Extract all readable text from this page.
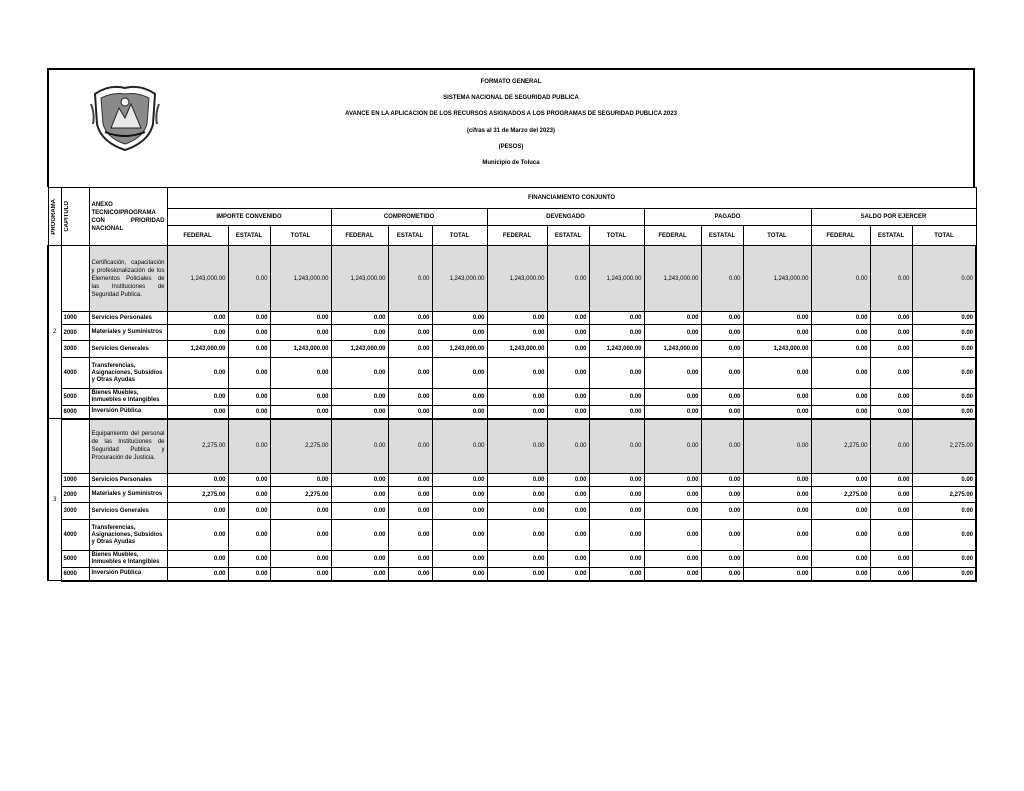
FORMATO GENERAL
SISTEMA NACIONAL DE SEGURIDAD PUBLICA
AVANCE EN LA APLICACION DE LOS RECURSOS ASIGNADOS A LOS PROGRAMAS DE SEGURIDAD PUBLICA 2023
(cifras al 31 de Marzo del 2023)
(PESOS)
Municipio de Toluca
PROGRAMA	CAPITULO	ANEXO TECNICO/PROGRAMA CON PRIORIDAD NACIONAL	FINANCIAMIENTO CONJUNTO														
			IMPORTE CONVENIDO			COMPROMETIDO			DEVENGADO			PAGADO			SALDO POR EJERCER		
			FEDERAL	ESTATAL	TOTAL	FEDERAL	ESTATAL	TOTAL	FEDERAL	ESTATAL	TOTAL	FEDERAL	ESTATAL	TOTAL	FEDERAL	ESTATAL	TOTAL
2		Certificación, capacitación y profesionalización de los Elementos Policiales de las Instituciones de Seguridad Publica.	1,243,000.00	0.00	1,243,000.00	1,243,000.00	0.00	1,243,000.00	1,243,000.00	0.00	1,243,000.00	1,243,000.00	0.00	1,243,000.00	0.00	0.00	0.00
	1000	Servicios Personales	0.00	0.00	0.00	0.00	0.00	0.00	0.00	0.00	0.00	0.00	0.00	0.00	0.00	0.00	0.00
	2000	Materiales y Suministros	0.00	0.00	0.00	0.00	0.00	0.00	0.00	0.00	0.00	0.00	0.00	0.00	0.00	0.00	0.00
	3000	Servicios Generales	1,243,000.00	0.00	1,243,000.00	1,243,000.00	0.00	1,243,000.00	1,243,000.00	0.00	1,243,000.00	1,243,000.00	0.00	1,243,000.00	0.00	0.00	0.00
	4000	Transferencias, Asignaciones, Subsidios y Otras Ayudas	0.00	0.00	0.00	0.00	0.00	0.00	0.00	0.00	0.00	0.00	0.00	0.00	0.00	0.00	0.00
	5000	Bienes Muebles, Inmuebles e Intangibles	0.00	0.00	0.00	0.00	0.00	0.00	0.00	0.00	0.00	0.00	0.00	0.00	0.00	0.00	0.00
	6000	Inversión Pública	0.00	0.00	0.00	0.00	0.00	0.00	0.00	0.00	0.00	0.00	0.00	0.00	0.00	0.00	0.00
3		Equipamiento del personal de las Instituciones de Seguridad Publica y Procuración de Justicia.	2,275.00	0.00	2,275.00	0.00	0.00	0.00	0.00	0.00	0.00	0.00	0.00	0.00	2,275.00	0.00	2,275.00
	1000	Servicios Personales	0.00	0.00	0.00	0.00	0.00	0.00	0.00	0.00	0.00	0.00	0.00	0.00	0.00	0.00	0.00
	2000	Materiales y Suministros	2,275.00	0.00	2,275.00	0.00	0.00	0.00	0.00	0.00	0.00	0.00	0.00	0.00	2,275.00	0.00	2,275.00
	3000	Servicios Generales	0.00	0.00	0.00	0.00	0.00	0.00	0.00	0.00	0.00	0.00	0.00	0.00	0.00	0.00	0.00
	4000	Transferencias, Asignaciones, Subsidios y Otras Ayudas	0.00	0.00	0.00	0.00	0.00	0.00	0.00	0.00	0.00	0.00	0.00	0.00	0.00	0.00	0.00
	5000	Bienes Muebles, Inmuebles e Intangibles	0.00	0.00	0.00	0.00	0.00	0.00	0.00	0.00	0.00	0.00	0.00	0.00	0.00	0.00	0.00
	6000	Inversión Pública	0.00	0.00	0.00	0.00	0.00	0.00	0.00	0.00	0.00	0.00	0.00	0.00	0.00	0.00	0.00
